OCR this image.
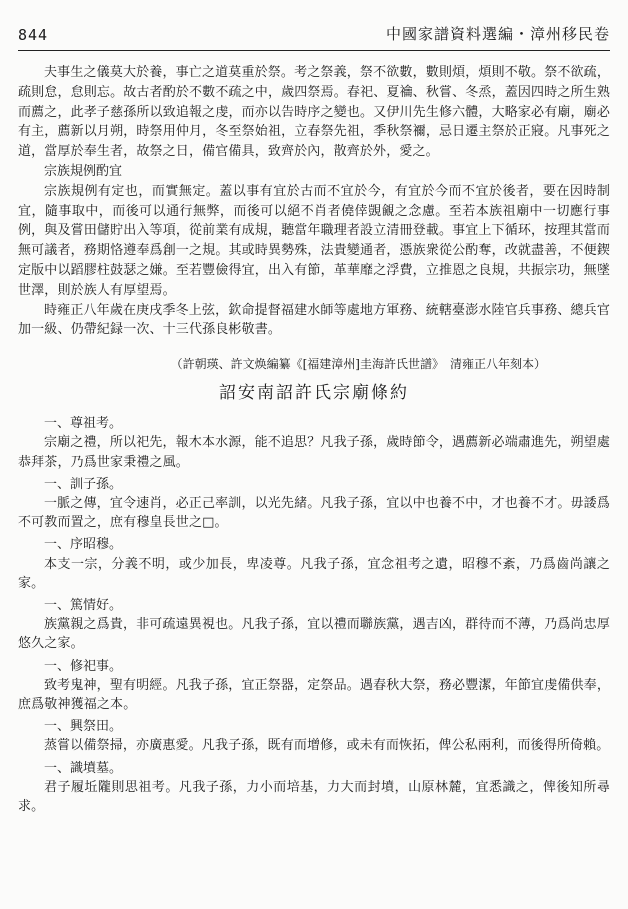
844	中國家譜資料選編・漳州移民卷

夫事生之儀莫大於養，事亡之道莫重於祭。考之祭義，祭不欲數，數則煩，煩則不敬。祭不欲疏，疏則怠，怠則忘。故古者酌於不數不疏之中，歲四祭焉。春祀、夏禴、秋嘗、冬烝，蓋因四時之所生熟而薦之，此孝子慈孫所以致追報之虔，而亦以告時序之變也。又伊川先生修六體，大略家必有廟，廟必有主，薦新以月朔，時祭用仲月，冬至祭始祖，立春祭先祖，季秋祭禰，忌日遷主祭於正寢。凡事死之道，當厚於奉生者，故祭之日，備官備具，致齊於內，散齊於外，愛之。

宗族規例酌宜

宗族規例有定也，而實無定。蓋以事有宜於古而不宜於今，有宜於今而不宜於後者，要在因時制宜，隨事取中，而後可以通行無弊，而後可以絕不肖者僥倖覬覦之念慮。至若本族祖廟中一切應行事例，與及嘗田儲貯出入等項，從前業有成規，聽當年職理者設立清冊登載。事宜上下循环，按理其當而無可議者，務期恪遵奉爲創一之規。其或時異勢殊，法貴變通者，憑族衆從公酌奪，改就盡善，不便鍥定版中以蹈膠柱鼓瑟之嫌。至若豐儉得宜，出入有節，革華靡之浮費，立推恩之良規，共振宗功，無墜世澤，則於族人有厚望焉。

時雍正八年歲在庚戌季冬上弦，欽命提督福建水師等處地方軍務、統轄臺澎水陸官兵事務、總兵官加一級、仍帶紀録一次、十三代孫良彬敬書。

（許朝瑛、許文焕編纂《[福建漳州]圭海許氏世譜》　清雍正八年刻本）

詔安南詔許氏宗廟條約

一、尊祖考。

宗廟之禮，所以祀先，報木本水源，能不追思？凡我子孫，歲時節令，遇薦新必端肅進先，朔望處恭拜茶，乃爲世家秉禮之風。

一、訓子孫。

一脈之傳，宜令速肖，必正己率訓，以光先緒。凡我子孫，宜以中也養不中，才也養不才。毋諉爲不可教而置之，庶有穆皇長世之□。

一、序昭穆。

本支一宗，分義不明，或少加長，卑凌尊。凡我子孫，宜念祖考之遺，昭穆不紊，乃爲齒尚讓之家。

一、篤情好。

族黨親之爲貴，非可疏遠異視也。凡我子孫，宜以禮而聯族黨，遇吉凶，群待而不薄，乃爲尚忠厚悠久之家。

一、修祀事。

致考鬼神，聖有明經。凡我子孫，宜正祭器，定祭品。遇春秋大祭，務必豐潔，年節宜虔備供奉，庶爲敬神獲福之本。

一、興祭田。

蒸嘗以備祭掃，亦廣惠愛。凡我子孫，既有而增修，或未有而恢拓，俾公私兩利，而後得所倚賴。

一、識墳墓。

君子履坵隴則思祖考。凡我子孫，力小而培基，力大而封墳，山原林麓，宜悉識之，俾後知所尋求。
